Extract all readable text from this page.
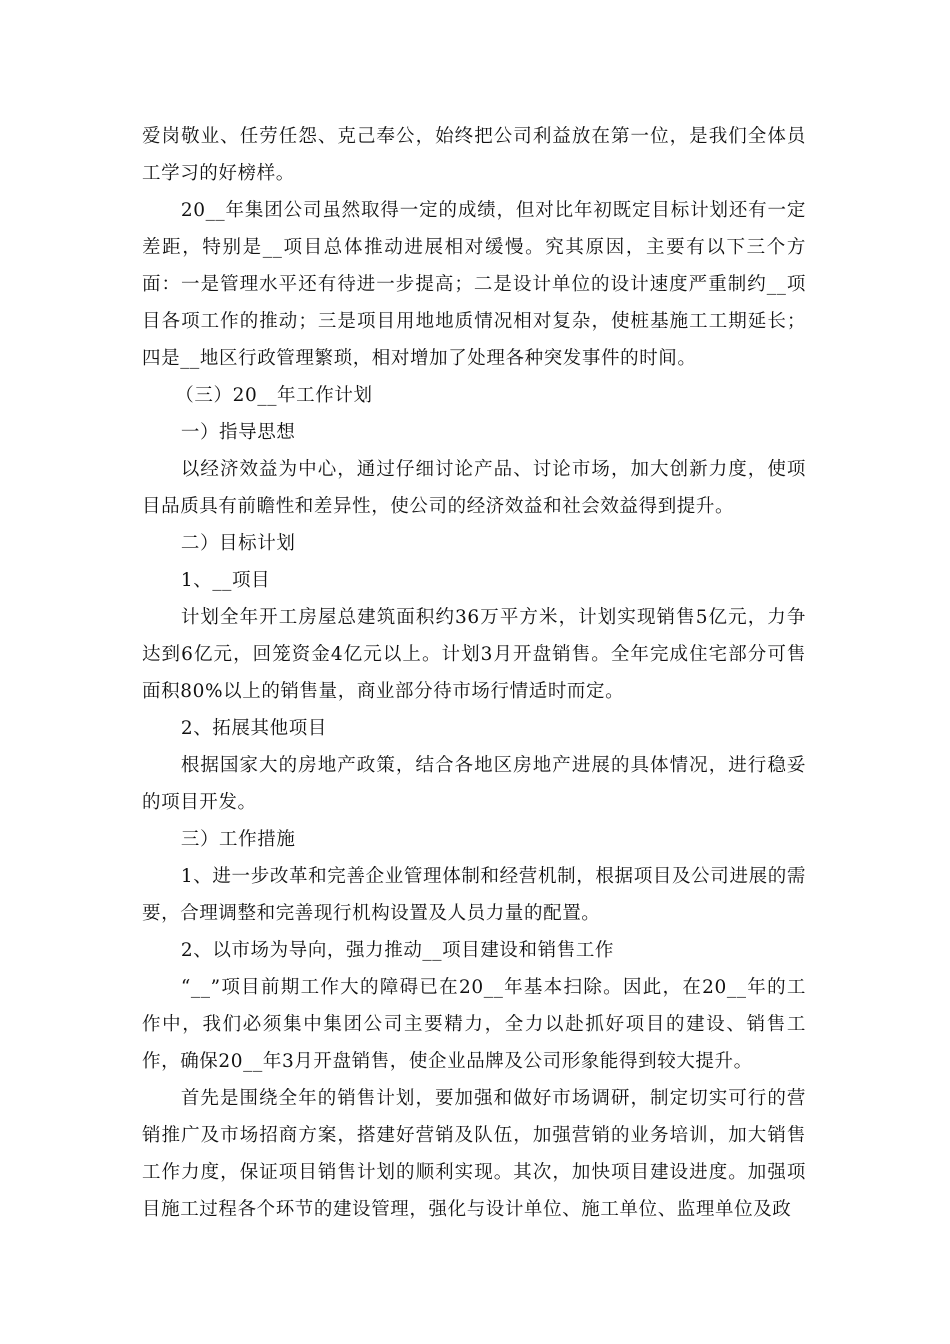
爱岗敬业、任劳任怨、克己奉公，始终把公司利益放在第一位，是我们全体员工学习的好榜样。

20__年集团公司虽然取得一定的成绩，但对比年初既定目标计划还有一定差距，特别是__项目总体推动进展相对缓慢。究其原因，主要有以下三个方面：一是管理水平还有待进一步提高；二是设计单位的设计速度严重制约__项目各项工作的推动；三是项目用地地质情况相对复杂，使桩基施工工期延长；四是__地区行政管理繁琐，相对增加了处理各种突发事件的时间。

（三）20__年工作计划

一）指导思想

以经济效益为中心，通过仔细讨论产品、讨论市场，加大创新力度，使项目品质具有前瞻性和差异性，使公司的经济效益和社会效益得到提升。

二）目标计划

1、__项目

计划全年开工房屋总建筑面积约36万平方米，计划实现销售5亿元，力争达到6亿元，回笼资金4亿元以上。计划3月开盘销售。全年完成住宅部分可售面积80%以上的销售量，商业部分待市场行情适时而定。

2、拓展其他项目

根据国家大的房地产政策，结合各地区房地产进展的具体情况，进行稳妥的项目开发。

三）工作措施

1、进一步改革和完善企业管理体制和经营机制，根据项目及公司进展的需要，合理调整和完善现行机构设置及人员力量的配置。

2、以市场为导向，强力推动__项目建设和销售工作

“__”项目前期工作大的障碍已在20__年基本扫除。因此，在20__年的工作中，我们必须集中集团公司主要精力，全力以赴抓好项目的建设、销售工作，确保20__年3月开盘销售，使企业品牌及公司形象能得到较大提升。

首先是围绕全年的销售计划，要加强和做好市场调研，制定切实可行的营销推广及市场招商方案，搭建好营销及队伍，加强营销的业务培训，加大销售工作力度，保证项目销售计划的顺利实现。其次，加快项目建设进度。加强项目施工过程各个环节的建设管理，强化与设计单位、施工单位、监理单位及政
